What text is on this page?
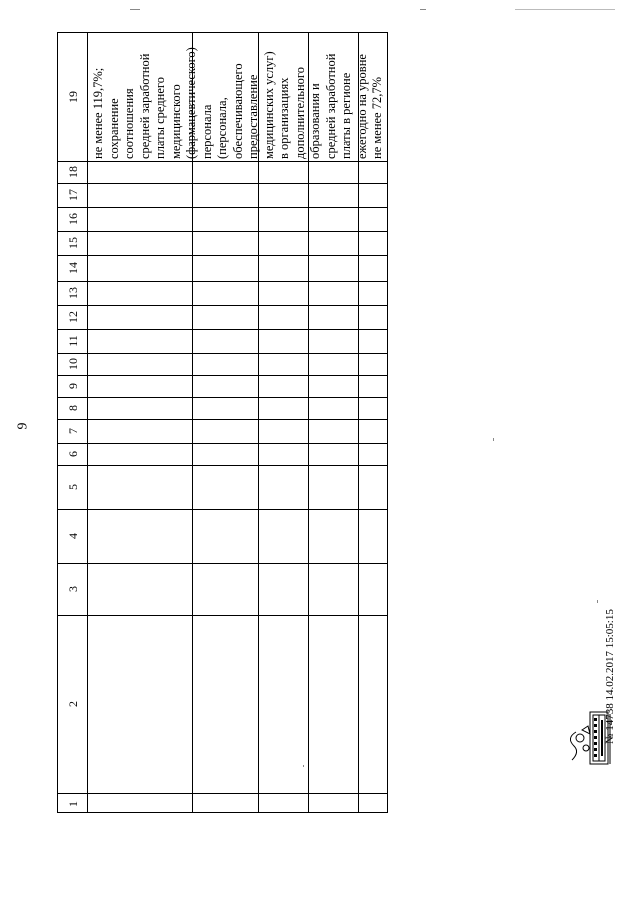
9
19
18
17
16
15
14
13
12
11
10
9
8
7
6
5
4
3
2
1
не менее 119,7%; сохранение соотношения средней заработной платы среднего медицинского (фармацевтического) персонала (персонала, обеспечивающего предоставление медицинских услуг) в организациях дополнительного образования и средней заработной платы в регионе ежегодно на уровне не менее 72,7%
№ 14738 14.02.2017 15:05:15
